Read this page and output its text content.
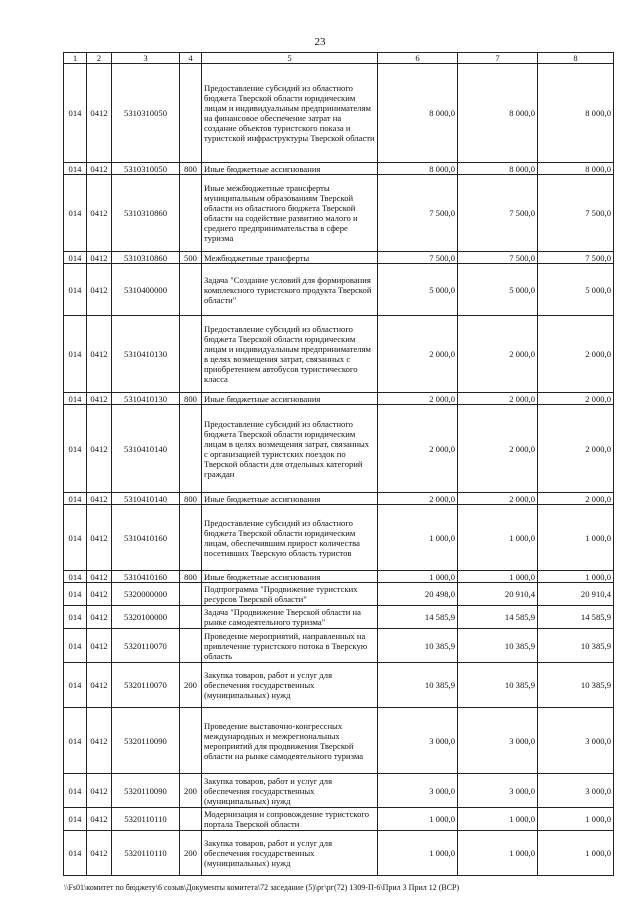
23
1	2	3	4	5	6	7	8
014	0412	5310310050		Предоставление субсидий из областного бюджета Тверской области юридическим лицам и индивидуальным предпринимателям на финансовое обеспечение затрат на создание объектов туристского показа и туристской инфраструктуры Тверской области	8 000,0	8 000,0	8 000,0
014	0412	5310310050	800	Иные бюджетные ассигнования	8 000,0	8 000,0	8 000,0
014	0412	5310310860		Иные межбюджетные трансферты муниципальным образованиям Тверской области из областного бюджета Тверской области на содействие развитию малого и среднего предпринимательства в сфере туризма	7 500,0	7 500,0	7 500,0
014	0412	5310310860	500	Межбюджетные трансферты	7 500,0	7 500,0	7 500,0
014	0412	5310400000		Задача "Создание условий для формирования комплексного туристского продукта Тверской области"	5 000,0	5 000,0	5 000,0
014	0412	5310410130		Предоставление субсидий из областного бюджета Тверской области юридическим лицам и индивидуальным предпринимателям в целях возмещения затрат, связанных с приобретением автобусов туристического класса	2 000,0	2 000,0	2 000,0
014	0412	5310410130	800	Иные бюджетные ассигнования	2 000,0	2 000,0	2 000,0
014	0412	5310410140		Предоставление субсидий из областного бюджета Тверской области юридическим лицам в целях возмещения затрат, связанных с организацией туристских поездок по Тверской области для отдельных категорий граждан	2 000,0	2 000,0	2 000,0
014	0412	5310410140	800	Иные бюджетные ассигнования	2 000,0	2 000,0	2 000,0
014	0412	5310410160		Предоставление субсидий из областного бюджета Тверской области юридическим лицам, обеспечившим прирост количества посетивших Тверскую область туристов	1 000,0	1 000,0	1 000,0
014	0412	5310410160	800	Иные бюджетные ассигнования	1 000,0	1 000,0	1 000,0
014	0412	5320000000		Подпрограмма "Продвижение туристских ресурсов Тверской области"	20 498,0	20 910,4	20 910,4
014	0412	5320100000		Задача "Продвижение Тверской области на рынке самодеятельного туризма"	14 585,9	14 585,9	14 585,9
014	0412	5320110070		Проведение мероприятий, направленных на привлечение туристского потока в Тверскую область	10 385,9	10 385,9	10 385,9
014	0412	5320110070	200	Закупка товаров, работ и услуг для обеспечения государственных (муниципальных) нужд	10 385,9	10 385,9	10 385,9
014	0412	5320110090		Проведение выставочно-конгрессных международных и межрегиональных мероприятий для продвижения Тверской области на рынке самодеятельного туризма	3 000,0	3 000,0	3 000,0
014	0412	5320110090	200	Закупка товаров, работ и услуг для обеспечения государственных (муниципальных) нужд	3 000,0	3 000,0	3 000,0
014	0412	5320110110		Модернизация и сопровождение туристского портала Тверской области	1 000,0	1 000,0	1 000,0
014	0412	5320110110	200	Закупка товаров, работ и услуг для обеспечения государственных (муниципальных) нужд	1 000,0	1 000,0	1 000,0
\\Fs01\комитет по бюджету\6 созыв\Документы комитета\72 заседание (5)\рг\рг(72) 1309-П-6\Прил 3 Прил 12 (ВСР)
